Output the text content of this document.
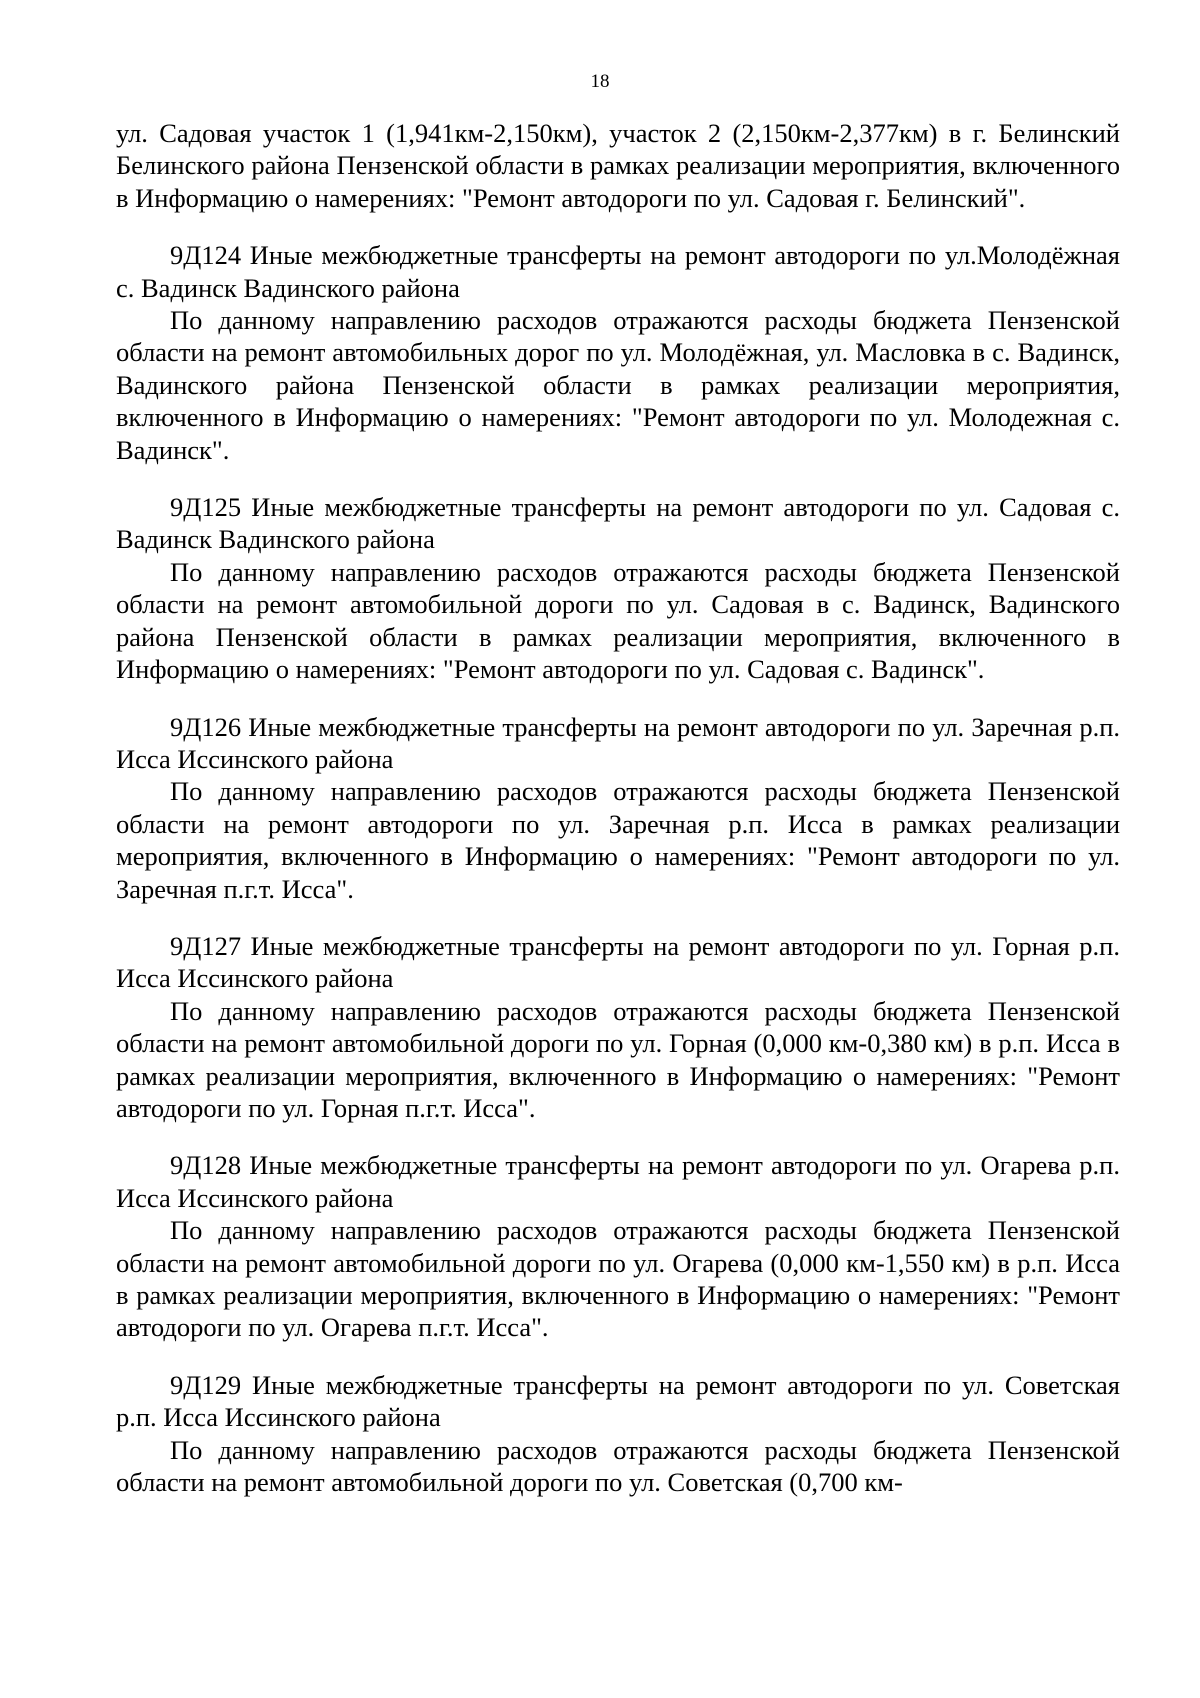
18

ул. Садовая участок 1 (1,941км-2,150км), участок 2 (2,150км-2,377км) в г. Белинский Белинского района Пензенской области в рамках реализации мероприятия, включенного в Информацию о намерениях: "Ремонт автодороги по ул. Садовая г. Белинский".

9Д124 Иные межбюджетные трансферты на ремонт автодороги по ул.Молодёжная с. Вадинск Вадинского района

По данному направлению расходов отражаются расходы бюджета Пензенской области на ремонт автомобильных дорог по ул. Молодёжная, ул. Масловка в с. Вадинск, Вадинского района Пензенской области в рамках реализации мероприятия, включенного в Информацию о намерениях: "Ремонт автодороги по ул. Молодежная с. Вадинск".

9Д125 Иные межбюджетные трансферты на ремонт автодороги по ул. Садовая с. Вадинск Вадинского района

По данному направлению расходов отражаются расходы бюджета Пензенской области на ремонт автомобильной дороги по ул. Садовая в с. Вадинск, Вадинского района Пензенской области в рамках реализации мероприятия, включенного в Информацию о намерениях: "Ремонт автодороги по ул. Садовая с. Вадинск".

9Д126 Иные межбюджетные трансферты на ремонт автодороги по ул. Заречная р.п. Исса Иссинского района

По данному направлению расходов отражаются расходы бюджета Пензенской области на ремонт автодороги по ул. Заречная р.п. Исса в рамках реализации мероприятия, включенного в Информацию о намерениях: "Ремонт автодороги по ул. Заречная п.г.т. Исса".

9Д127 Иные межбюджетные трансферты на ремонт автодороги по ул. Горная р.п. Исса Иссинского района

По данному направлению расходов отражаются расходы бюджета Пензенской области на ремонт автомобильной дороги по ул. Горная (0,000 км-0,380 км) в р.п. Исса в рамках реализации мероприятия, включенного в Информацию о намерениях: "Ремонт автодороги по ул. Горная п.г.т. Исса".

9Д128 Иные межбюджетные трансферты на ремонт автодороги по ул. Огарева р.п. Исса Иссинского района

По данному направлению расходов отражаются расходы бюджета Пензенской области на ремонт автомобильной дороги по ул. Огарева (0,000 км-1,550 км) в р.п. Исса в рамках реализации мероприятия, включенного в Информацию о намерениях: "Ремонт автодороги по ул. Огарева п.г.т. Исса".

9Д129 Иные межбюджетные трансферты на ремонт автодороги по ул. Советская р.п. Исса Иссинского района

По данному направлению расходов отражаются расходы бюджета Пензенской области на ремонт автомобильной дороги по ул. Советская (0,700 км-
